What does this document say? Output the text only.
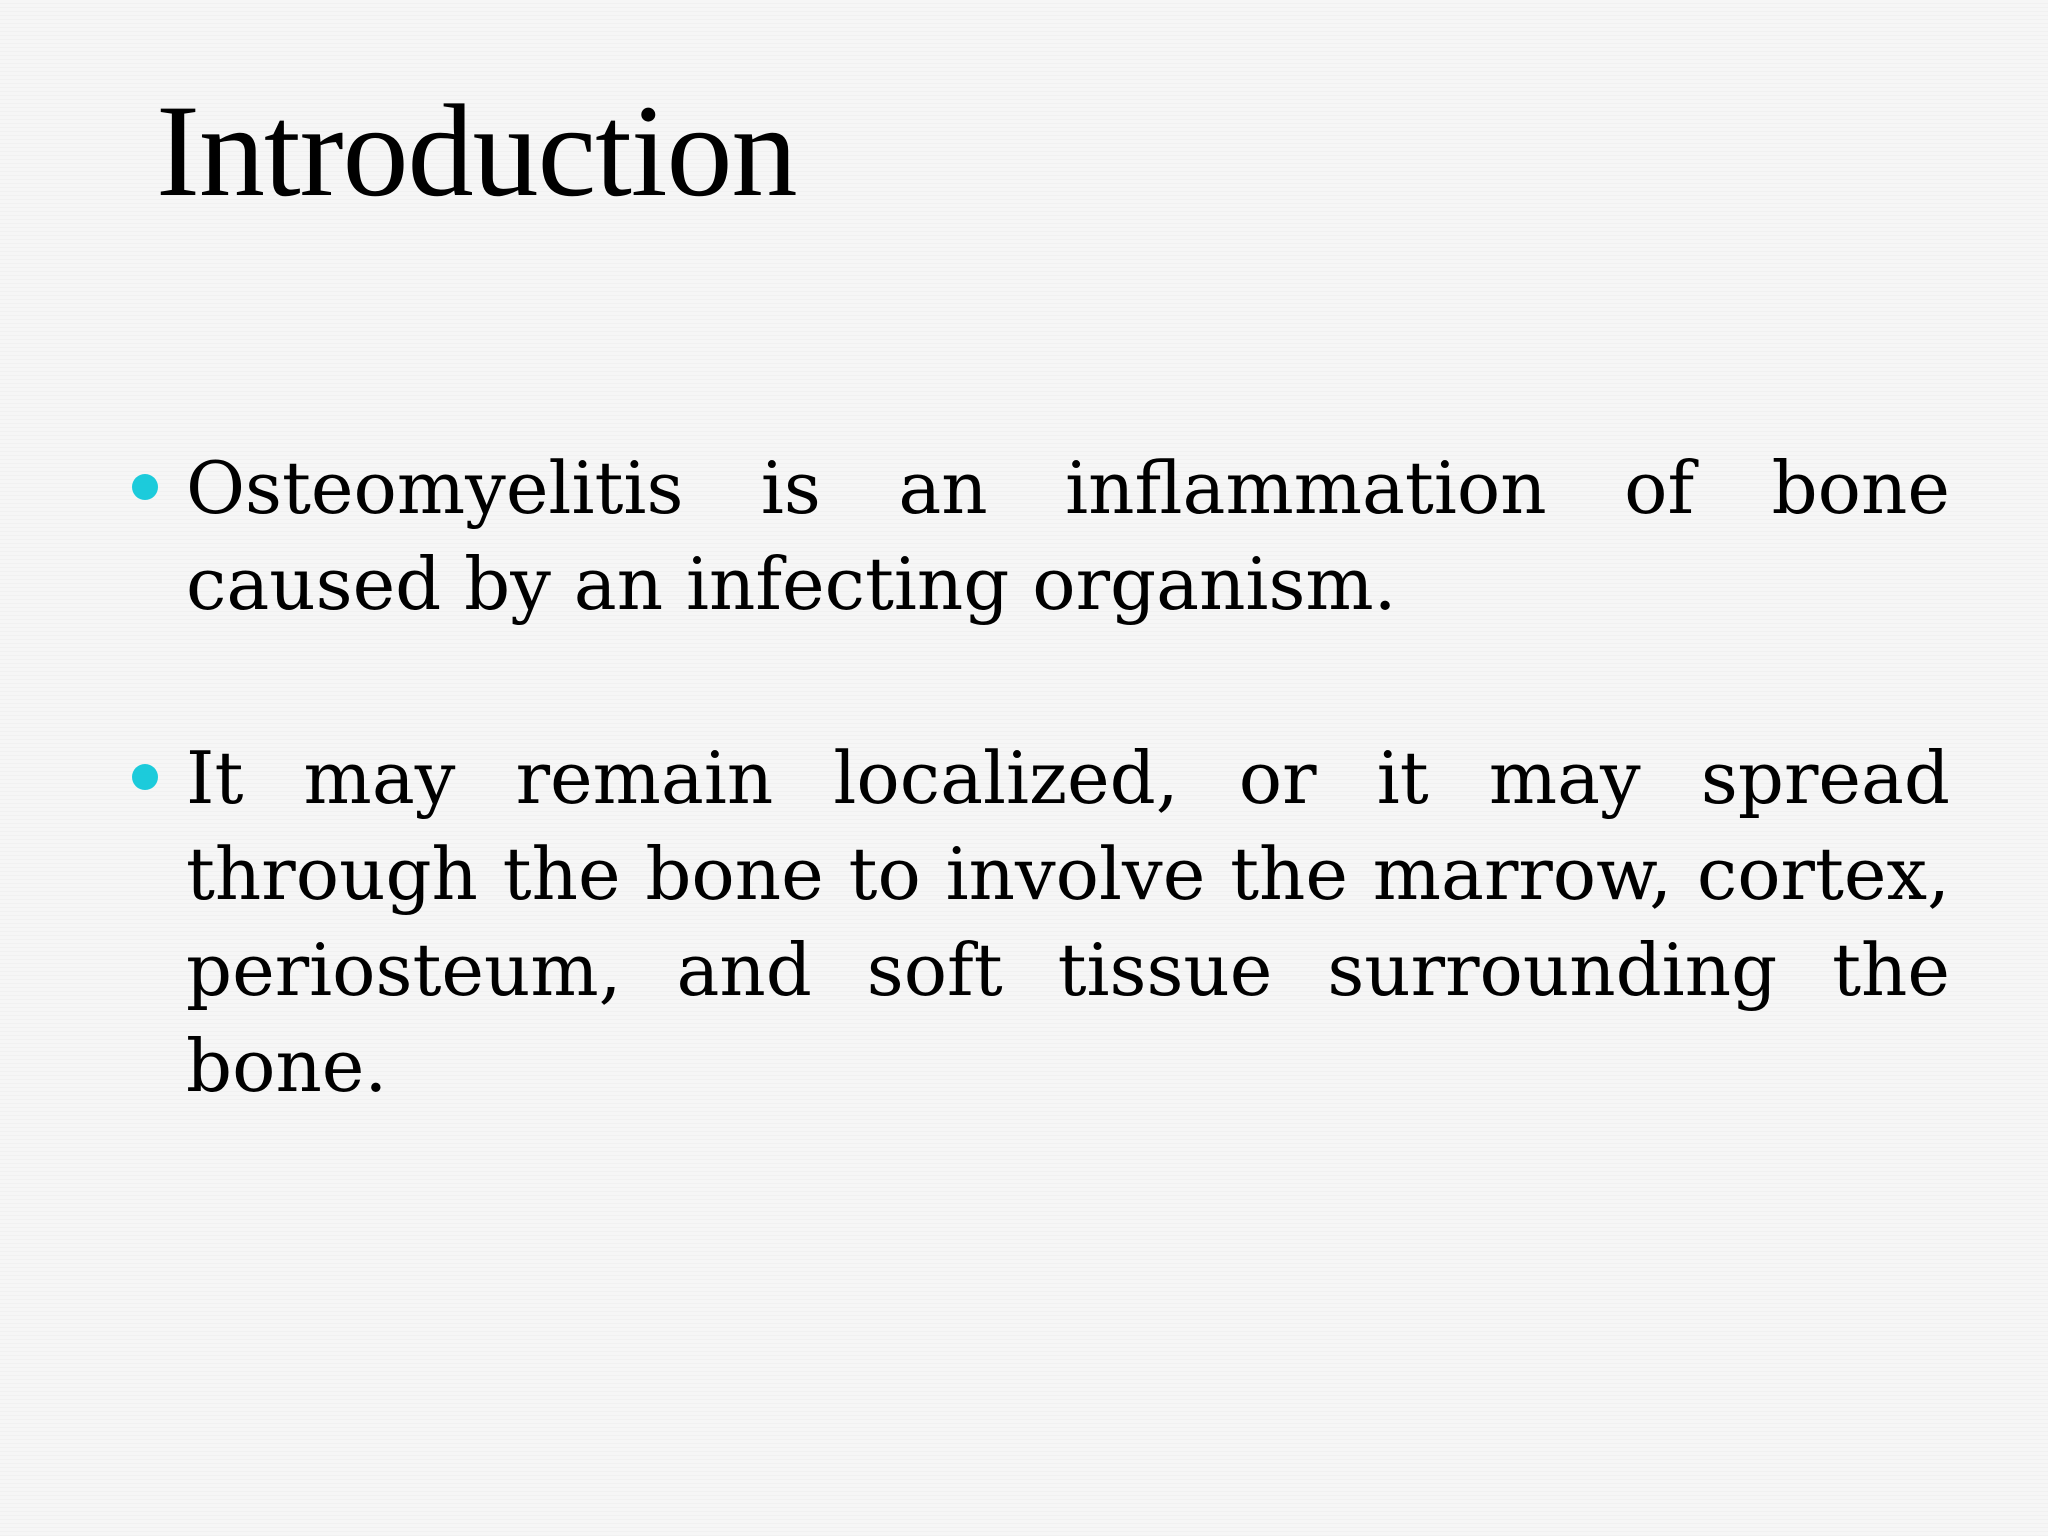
Introduction
Osteomyelitis is an inflammation of bone caused by an infecting organism.
It may remain localized, or it may spread through the bone to involve the marrow, cortex, periosteum, and soft tissue surrounding the bone.
